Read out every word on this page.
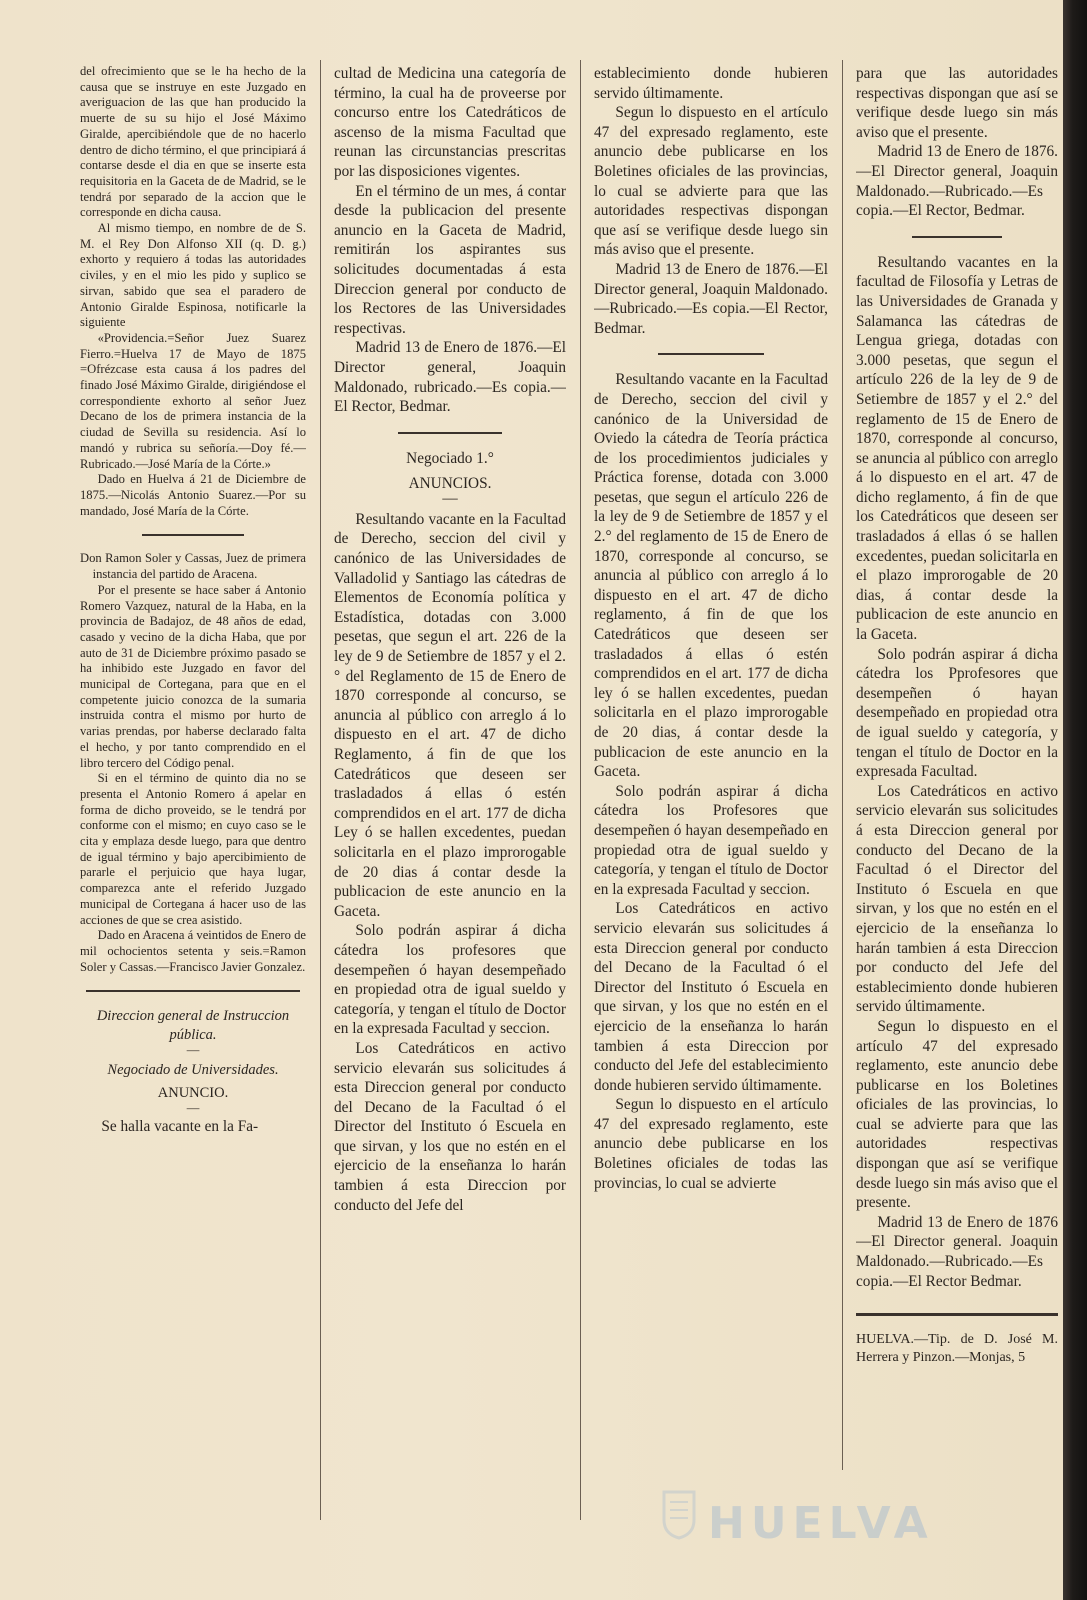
del ofrecimiento que se le ha hecho de la causa que se instruye en este Juzgado en averiguacion de las que han producido la muerte de su su hijo el José Máximo Giralde, apercibiéndole que de no hacerlo dentro de dicho término, el que principiará á contarse desde el dia en que se inserte esta requisitoria en la Gaceta de de Madrid, se le tendrá por separado de la accion que le corresponde en dicha causa.

Al mismo tiempo, en nombre de de S. M. el Rey Don Alfonso XII (q. D. g.) exhorto y requiero á todas las autoridades civiles, y en el mio les pido y suplico se sirvan, sabido que sea el paradero de Antonio Giralde Espinosa, notificarle la siguiente

«Providencia.=Señor Juez Suarez Fierro.=Huelva 17 de Mayo de 1875 =Ofrézcase esta causa á los padres del finado José Máximo Giralde, dirigiéndose el correspondiente exhorto al señor Juez Decano de los de primera instancia de la ciudad de Sevilla su residencia. Así lo mandó y rubrica su señoría.—Doy fé.—Rubricado.—José María de la Córte.»

Dado en Huelva á 21 de Diciembre de 1875.—Nicolás Antonio Suarez.—Por su mandado, José María de la Córte.

Don Ramon Soler y Cassas, Juez de primera instancia del partido de Aracena.

Por el presente se hace saber á Antonio Romero Vazquez, natural de la Haba, en la provincia de Badajoz, de 48 años de edad, casado y vecino de la dicha Haba, que por auto de 31 de Diciembre próximo pasado se ha inhibido este Juzgado en favor del municipal de Cortegana, para que en el competente juicio conozca de la sumaria instruida contra el mismo por hurto de varias prendas, por haberse declarado falta el hecho, y por tanto comprendido en el libro tercero del Código penal.

Si en el término de quinto dia no se presenta el Antonio Romero á apelar en forma de dicho proveido, se le tendrá por conforme con el mismo; en cuyo caso se le cita y emplaza desde luego, para que dentro de igual término y bajo apercibimiento de pararle el perjuicio que haya lugar, comparezca ante el referido Juzgado municipal de Cortegana á hacer uso de las acciones de que se crea asistido.

Dado en Aracena á veintidos de Enero de mil ochocientos setenta y seis.=Ramon Soler y Cassas.—Francisco Javier Gonzalez.

Direccion general de Instruccion pública.

—

Negociado de Universidades.

ANUNCIO.

—

Se halla vacante en la Fa-

cultad de Medicina una categoría de término, la cual ha de proveerse por concurso entre los Catedráticos de ascenso de la misma Facultad que reunan las circunstancias prescritas por las disposiciones vigentes.

En el término de un mes, á contar desde la publicacion del presente anuncio en la Gaceta de Madrid, remitirán los aspirantes sus solicitudes documentadas á esta Direccion general por conducto de los Rectores de las Universidades respectivas.

Madrid 13 de Enero de 1876.—El Director general, Joaquin Maldonado, rubricado.—Es copia.—El Rector, Bedmar.

Negociado 1.°

ANUNCIOS.

—

Resultando vacante en la Facultad de Derecho, seccion del civil y canónico de las Universidades de Valladolid y Santiago las cátedras de Elementos de Economía política y Estadística, dotadas con 3.000 pesetas, que segun el art. 226 de la ley de 9 de Setiembre de 1857 y el 2.° del Reglamento de 15 de Enero de 1870 corresponde al concurso, se anuncia al público con arreglo á lo dispuesto en el art. 47 de dicho Reglamento, á fin de que los Catedráticos que deseen ser trasladados á ellas ó estén comprendidos en el art. 177 de dicha Ley ó se hallen excedentes, puedan solicitarla en el plazo improrogable de 20 dias á contar desde la publicacion de este anuncio en la Gaceta.

Solo podrán aspirar á dicha cátedra los profesores que desempeñen ó hayan desempeñado en propiedad otra de igual sueldo y categoría, y tengan el título de Doctor en la expresada Facultad y seccion.

Los Catedráticos en activo servicio elevarán sus solicitudes á esta Direccion general por conducto del Decano de la Facultad ó el Director del Instituto ó Escuela en que sirvan, y los que no estén en el ejercicio de la enseñanza lo harán tambien á esta Direccion por conducto del Jefe del

establecimiento donde hubieren servido últimamente.

Segun lo dispuesto en el artículo 47 del expresado reglamento, este anuncio debe publicarse en los Boletines oficiales de las provincias, lo cual se advierte para que las autoridades respectivas dispongan que así se verifique desde luego sin más aviso que el presente.

Madrid 13 de Enero de 1876.—El Director general, Joaquin Maldonado.—Rubricado.—Es copia.—El Rector, Bedmar.

Resultando vacante en la Facultad de Derecho, seccion del civil y canónico de la Universidad de Oviedo la cátedra de Teoría práctica de los procedimientos judiciales y Práctica forense, dotada con 3.000 pesetas, que segun el artículo 226 de la ley de 9 de Setiembre de 1857 y el 2.° del reglamento de 15 de Enero de 1870, corresponde al concurso, se anuncia al público con arreglo á lo dispuesto en el art. 47 de dicho reglamento, á fin de que los Catedráticos que deseen ser trasladados á ellas ó estén comprendidos en el art. 177 de dicha ley ó se hallen excedentes, puedan solicitarla en el plazo improrogable de 20 dias, á contar desde la publicacion de este anuncio en la Gaceta.

Solo podrán aspirar á dicha cátedra los Profesores que desempeñen ó hayan desempeñado en propiedad otra de igual sueldo y categoría, y tengan el título de Doctor en la expresada Facultad y seccion.

Los Catedráticos en activo servicio elevarán sus solicitudes á esta Direccion general por conducto del Decano de la Facultad ó el Director del Instituto ó Escuela en que sirvan, y los que no estén en el ejercicio de la enseñanza lo harán tambien á esta Direccion por conducto del Jefe del establecimiento donde hubieren servido últimamente.

Segun lo dispuesto en el artículo 47 del expresado reglamento, este anuncio debe publicarse en los Boletines oficiales de todas las provincias, lo cual se advierte

para que las autoridades respectivas dispongan que así se verifique desde luego sin más aviso que el presente.

Madrid 13 de Enero de 1876.—El Director general, Joaquin Maldonado.—Rubricado.—Es copia.—El Rector, Bedmar.

Resultando vacantes en la facultad de Filosofía y Letras de las Universidades de Granada y Salamanca las cátedras de Lengua griega, dotadas con 3.000 pesetas, que segun el artículo 226 de la ley de 9 de Setiembre de 1857 y el 2.° del reglamento de 15 de Enero de 1870, corresponde al concurso, se anuncia al público con arreglo á lo dispuesto en el art. 47 de dicho reglamento, á fin de que los Catedráticos que deseen ser trasladados á ellas ó se hallen excedentes, puedan solicitarla en el plazo improrogable de 20 dias, á contar desde la publicacion de este anuncio en la Gaceta.

Solo podrán aspirar á dicha cátedra los Pprofesores que desempeñen ó hayan desempeñado en propiedad otra de igual sueldo y categoría, y tengan el título de Doctor en la expresada Facultad.

Los Catedráticos en activo servicio elevarán sus solicitudes á esta Direccion general por conducto del Decano de la Facultad ó el Director del Instituto ó Escuela en que sirvan, y los que no estén en el ejercicio de la enseñanza lo harán tambien á esta Direccion por conducto del Jefe del establecimiento donde hubieren servido últimamente.

Segun lo dispuesto en el artículo 47 del expresado reglamento, este anuncio debe publicarse en los Boletines oficiales de las provincias, lo cual se advierte para que las autoridades respectivas dispongan que así se verifique desde luego sin más aviso que el presente.

Madrid 13 de Enero de 1876—El Director general. Joaquin Maldonado.—Rubricado.—Es copia.—El Rector Bedmar.

HUELVA.—Tip. de D. José M. Herrera y Pinzon.—Monjas, 5

HUELVA
